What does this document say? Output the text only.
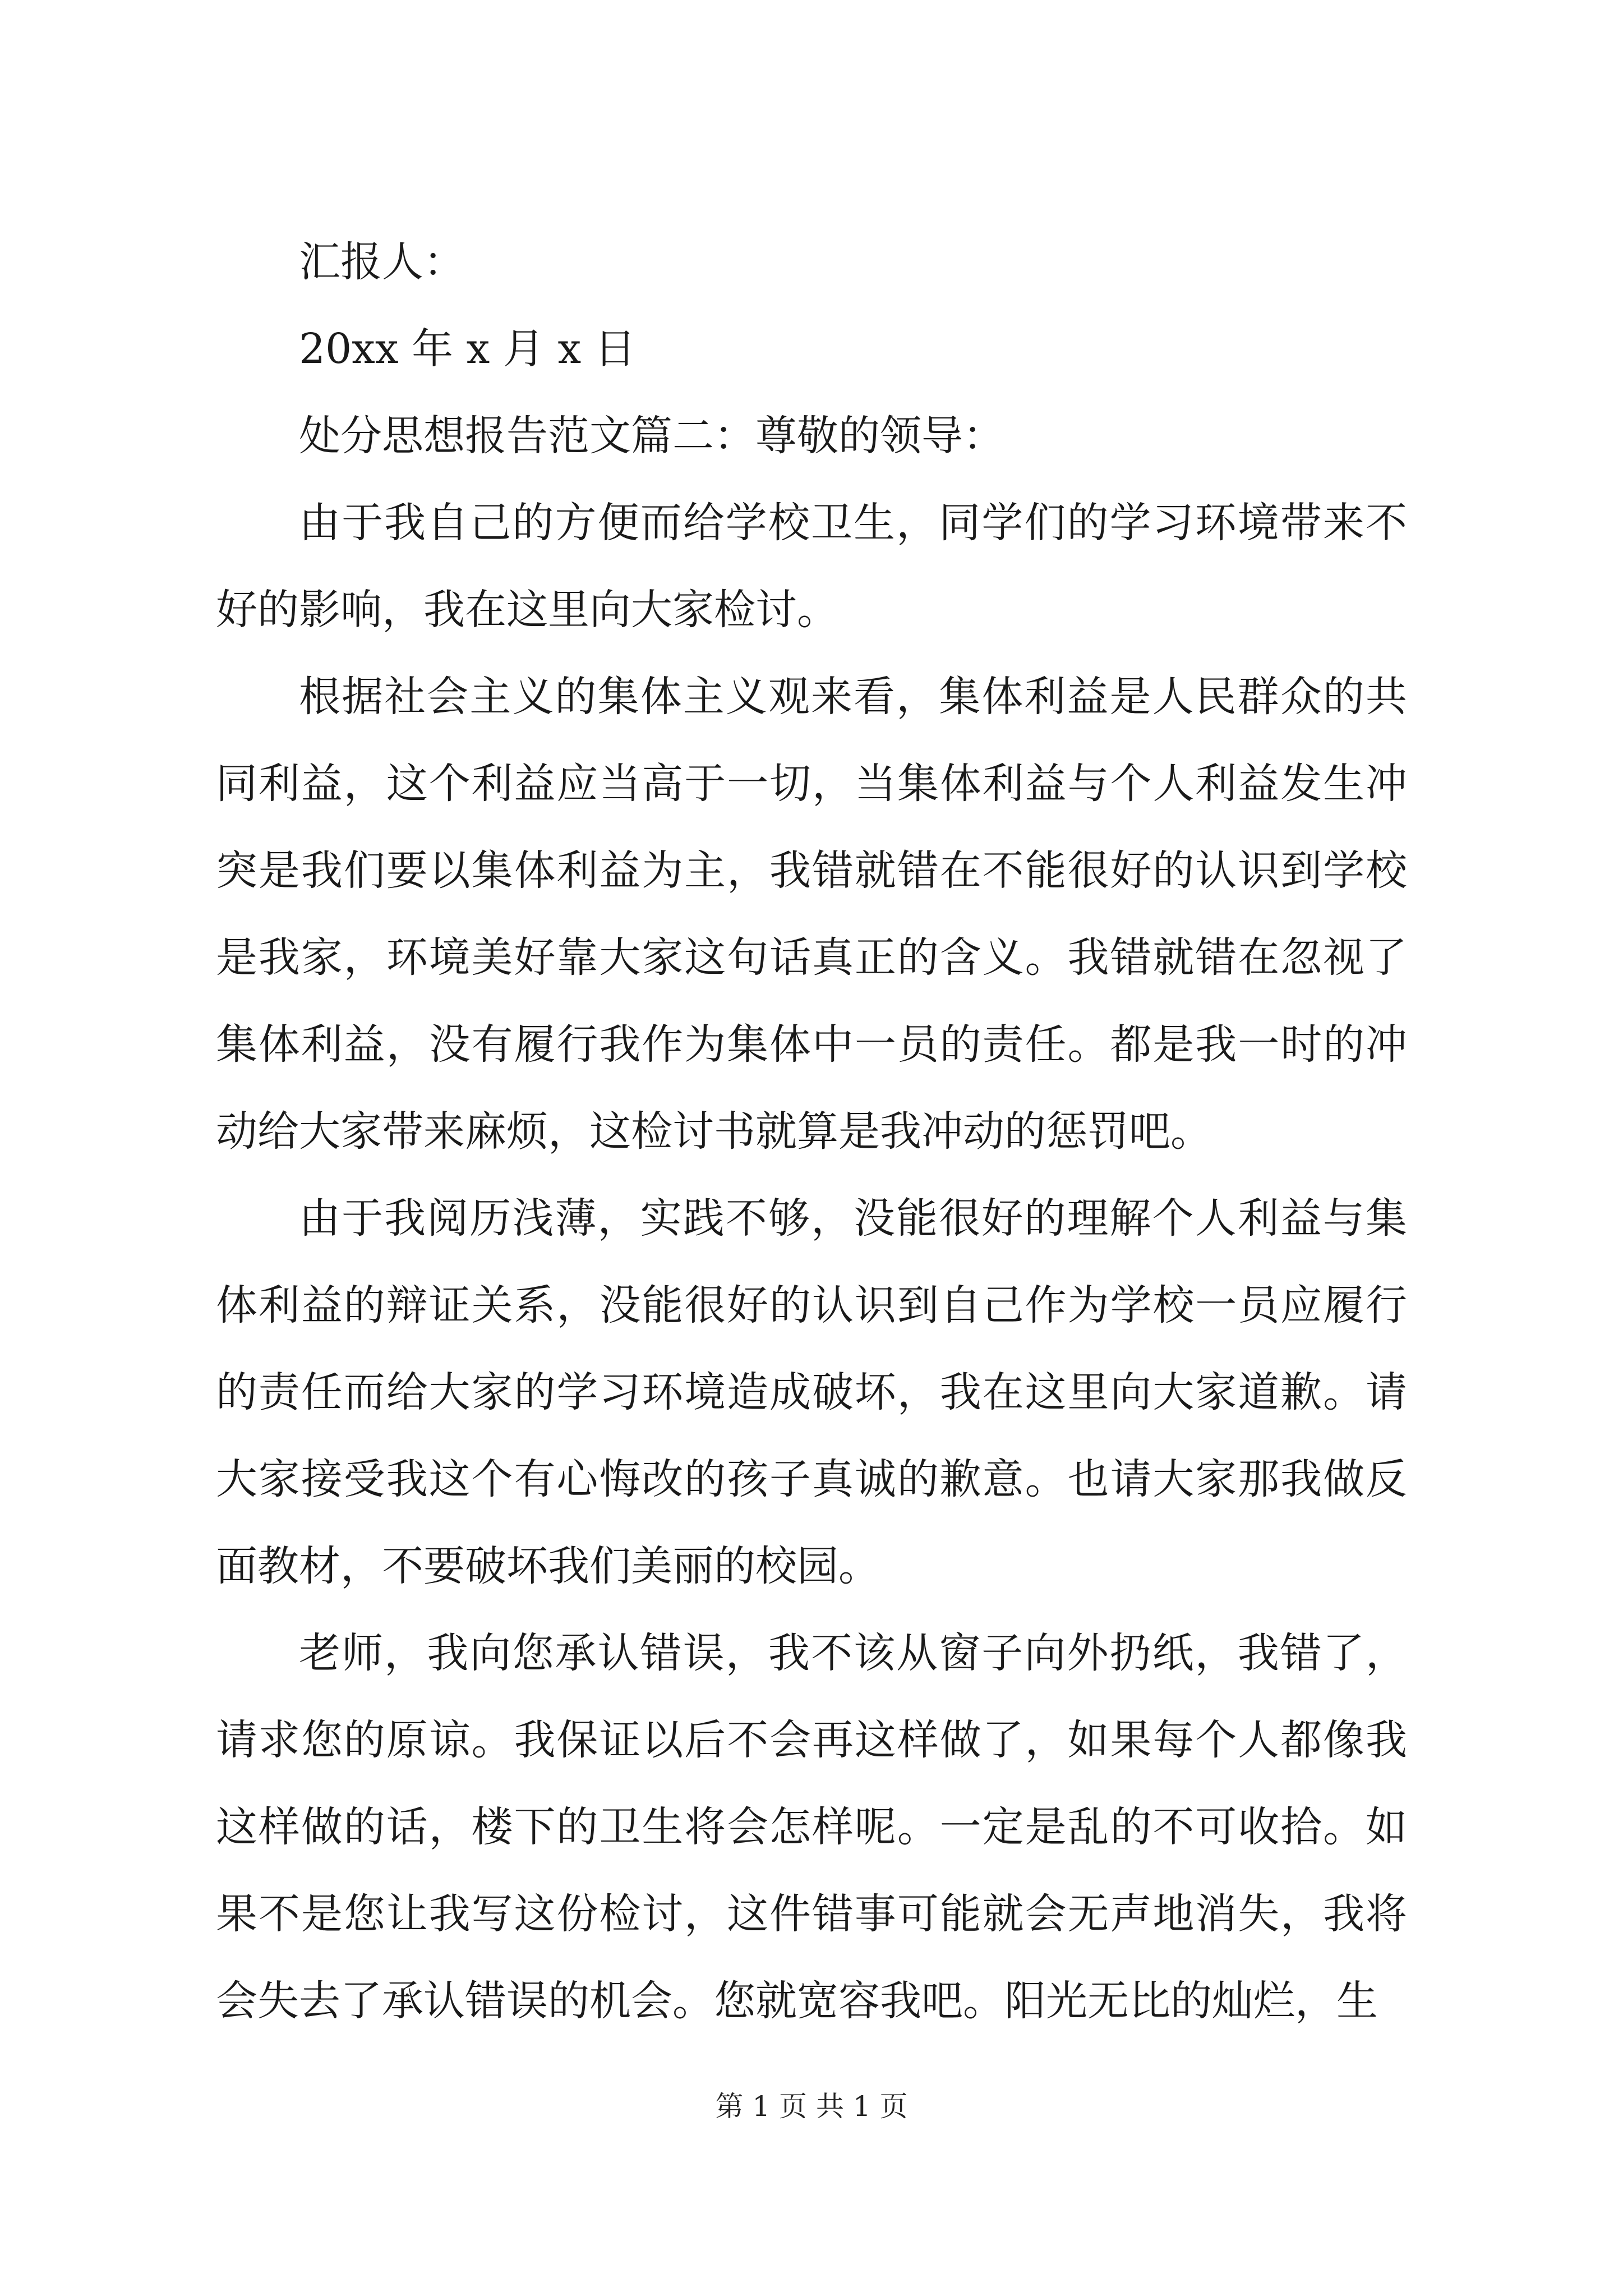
汇报人：
20xx 年 x 月 x 日
处分思想报告范文篇二：尊敬的领导：

由于我自己的方便而给学校卫生，同学们的学习环境带来不好的影响，我在这里向大家检讨。

根据社会主义的集体主义观来看，集体利益是人民群众的共同利益，这个利益应当高于一切，当集体利益与个人利益发生冲突是我们要以集体利益为主，我错就错在不能很好的认识到学校是我家，环境美好靠大家这句话真正的含义。我错就错在忽视了集体利益，没有履行我作为集体中一员的责任。都是我一时的冲动给大家带来麻烦，这检讨书就算是我冲动的惩罚吧。

由于我阅历浅薄，实践不够，没能很好的理解个人利益与集体利益的辩证关系，没能很好的认识到自己作为学校一员应履行的责任而给大家的学习环境造成破坏，我在这里向大家道歉。请大家接受我这个有心悔改的孩子真诚的歉意。也请大家那我做反面教材，不要破坏我们美丽的校园。

老师，我向您承认错误，我不该从窗子向外扔纸，我错了，请求您的原谅。我保证以后不会再这样做了，如果每个人都像我这样做的话，楼下的卫生将会怎样呢。一定是乱的不可收拾。如果不是您让我写这份检讨，这件错事可能就会无声地消失，我将会失去了承认错误的机会。您就宽容我吧。阳光无比的灿烂，生

第 1 页 共 1 页
